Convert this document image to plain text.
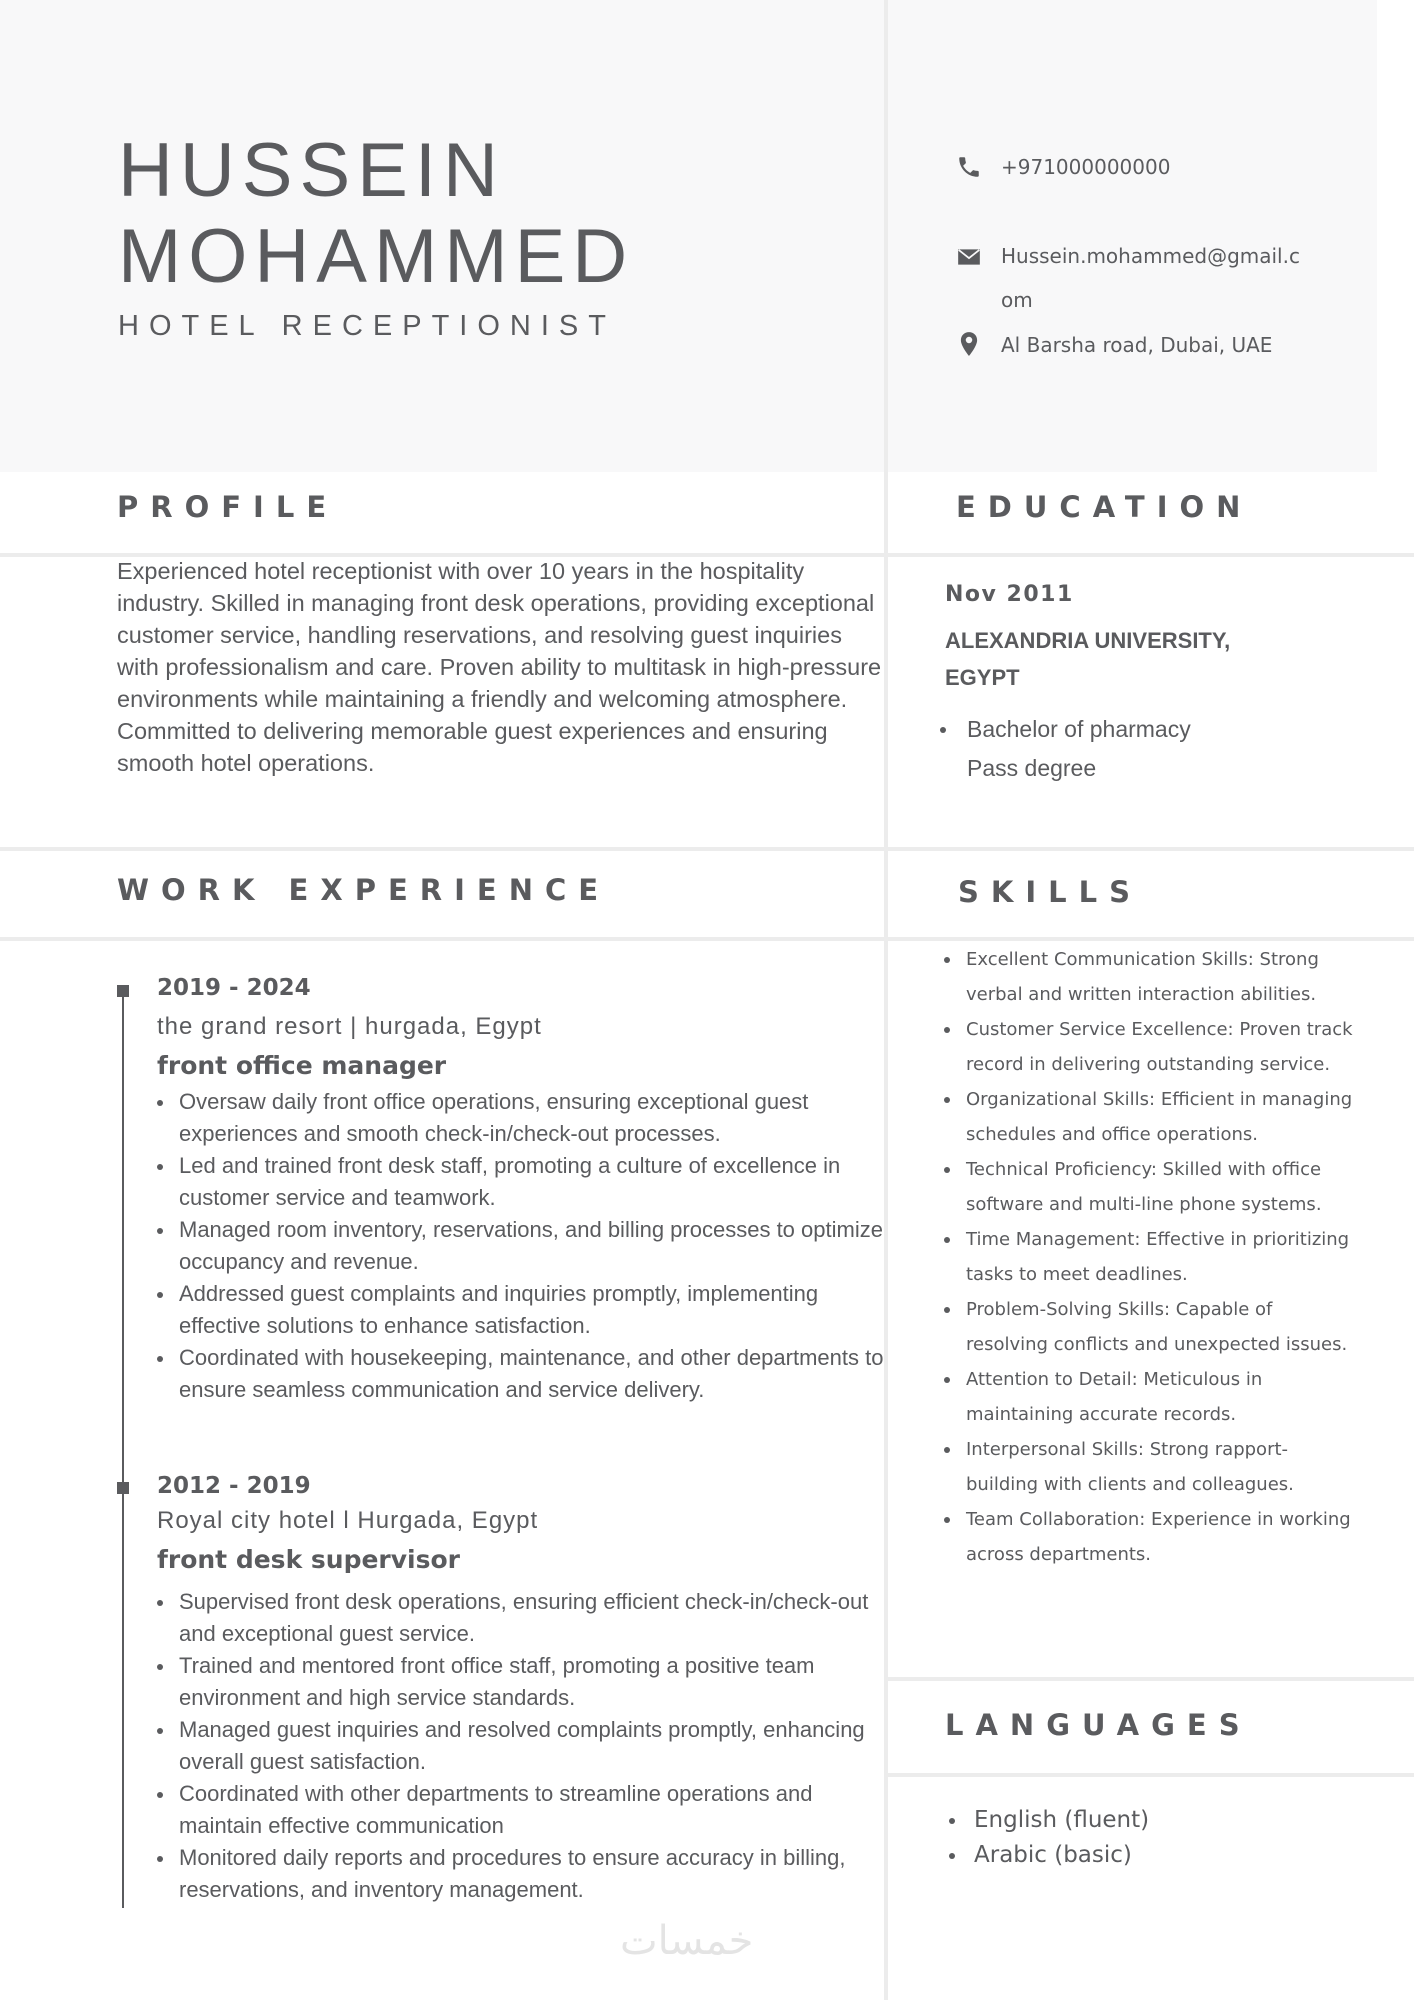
HUSSEIN
MOHAMMED
HOTEL RECEPTIONIST
+971000000000
Hussein.mohammed@gmail.c
om
Al Barsha road, Dubai, UAE
PROFILE
Experienced hotel receptionist with over 10 years in the hospitality industry. Skilled in managing front desk operations, providing exceptional customer service, handling reservations, and resolving guest inquiries with professionalism and care. Proven ability to multitask in high-pressure environments while maintaining a friendly and welcoming atmosphere. Committed to delivering memorable guest experiences and ensuring smooth hotel operations.
EDUCATION
Nov 2011
ALEXANDRIA UNIVERSITY, EGYPT
Bachelor of pharmacy Pass degree
WORK EXPERIENCE
2019 - 2024
the grand resort | hurgada, Egypt
front office manager
Oversaw daily front office operations, ensuring exceptional guest experiences and smooth check-in/check-out processes.
Led and trained front desk staff, promoting a culture of excellence in customer service and teamwork.
Managed room inventory, reservations, and billing processes to optimize occupancy and revenue.
Addressed guest complaints and inquiries promptly, implementing effective solutions to enhance satisfaction.
Coordinated with housekeeping, maintenance, and other departments to ensure seamless communication and service delivery.
2012 - 2019
Royal city hotel l Hurgada, Egypt
front desk supervisor
Supervised front desk operations, ensuring efficient check-in/check-out and exceptional guest service.
Trained and mentored front office staff, promoting a positive team environment and high service standards.
Managed guest inquiries and resolved complaints promptly, enhancing overall guest satisfaction.
Coordinated with other departments to streamline operations and maintain effective communication
Monitored daily reports and procedures to ensure accuracy in billing, reservations, and inventory management.
SKILLS
Excellent Communication Skills: Strong verbal and written interaction abilities.
Customer Service Excellence: Proven track record in delivering outstanding service.
Organizational Skills: Efficient in managing schedules and office operations.
Technical Proficiency: Skilled with office software and multi-line phone systems.
Time Management: Effective in prioritizing tasks to meet deadlines.
Problem-Solving Skills: Capable of resolving conflicts and unexpected issues.
Attention to Detail: Meticulous in maintaining accurate records.
Interpersonal Skills: Strong rapport-building with clients and colleagues.
Team Collaboration: Experience in working across departments.
LANGUAGES
English (fluent)
Arabic (basic)
خمسات
